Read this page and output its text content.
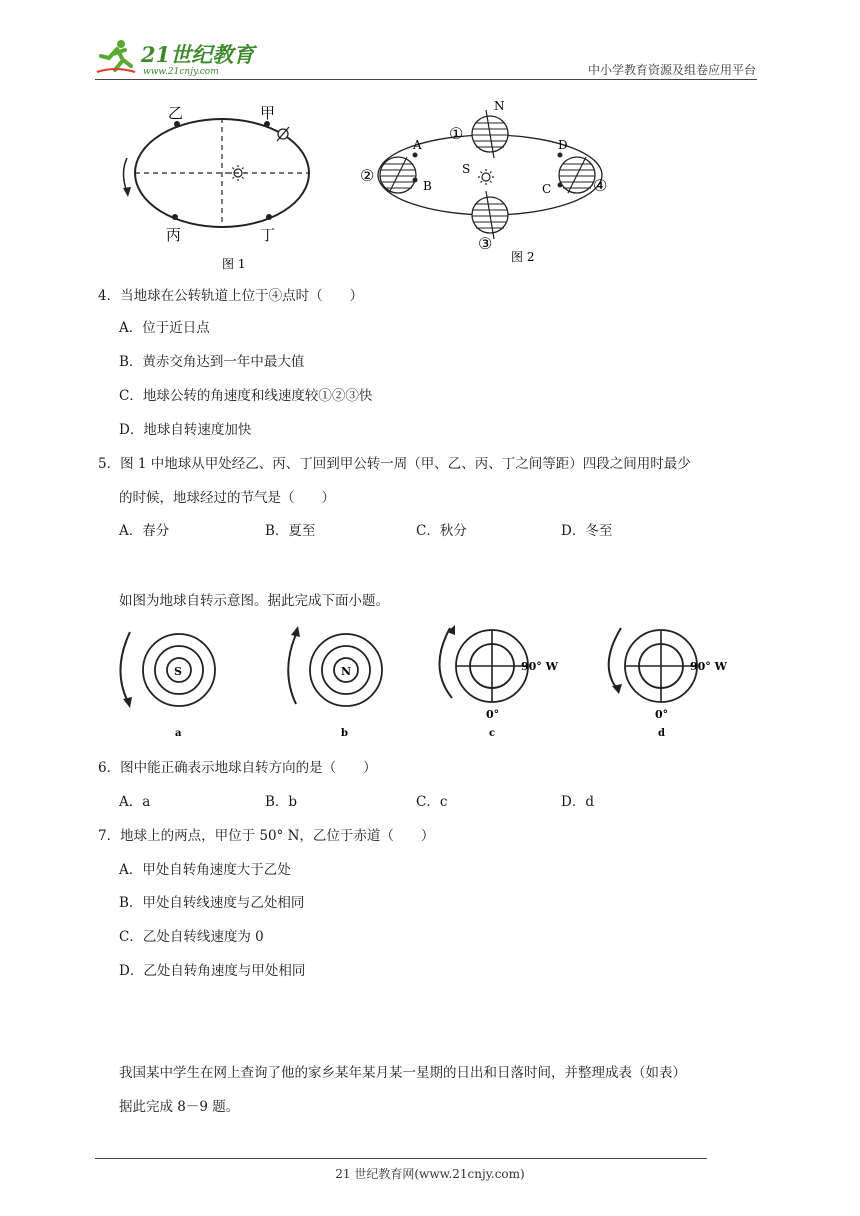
21世纪教育
www.21cnjy.com	中小学教育资源及组卷应用平台
乙	甲
丙	丁
图 1
N
S
A
B	C
D
①
②
③
④
图 2
4．当地球在公转轨道上位于④点时（　　）
A．位于近日点
B．黄赤交角达到一年中最大值
C．地球公转的角速度和线速度较①②③快
D．地球自转速度加快
5．图 1 中地球从甲处经乙、丙、丁回到甲公转一周（甲、乙、丙、丁之间等距）四段之间用时最少
的时候，地球经过的节气是（　　）
A．春分	B．夏至	C．秋分	D．冬至
如图为地球自转示意图。据此完成下面小题。
S
a
N
b
90° W
0°
c
90° W
0°
d
6．图中能正确表示地球自转方向的是（　　）
A．a	B．b	C．c	D．d
7．地球上的两点，甲位于 50° N，乙位于赤道（　　）
A．甲处自转角速度大于乙处
B．甲处自转线速度与乙处相同
C．乙处自转线速度为 0
D．乙处自转角速度与甲处相同
我国某中学生在网上查询了他的家乡某年某月某一星期的日出和日落时间，并整理成表（如表）
据此完成 8－9 题。
21 世纪教育网(www.21cnjy.com)
